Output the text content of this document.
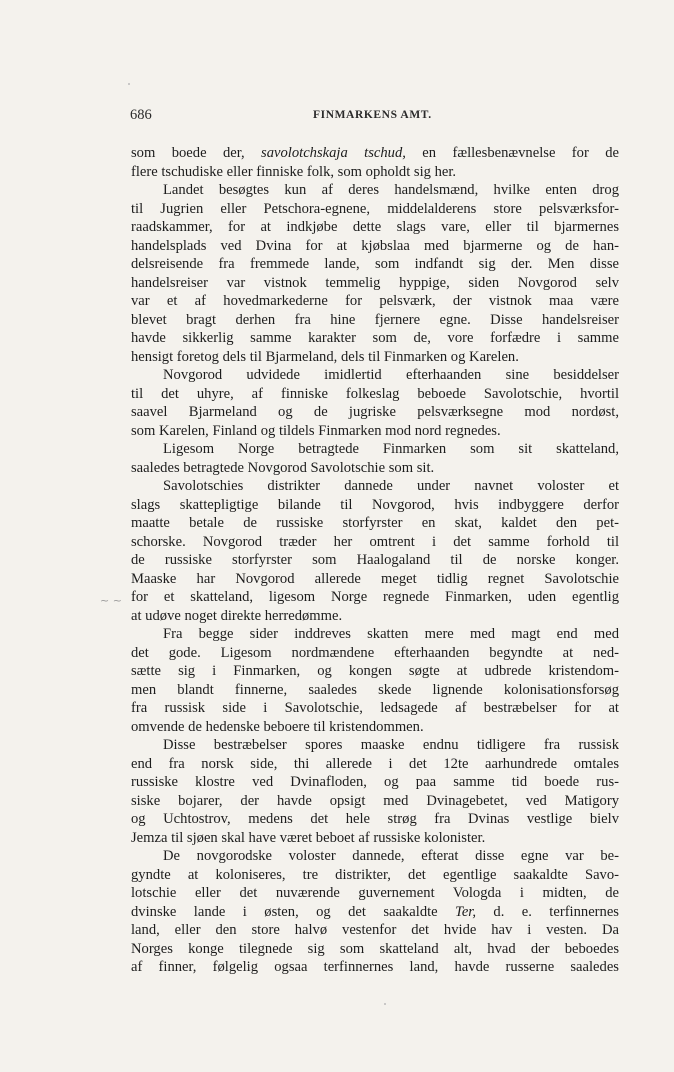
686	FINMARKENS AMT.
~ ~
som boede der, savolotchskaja tschud, en fællesbenævnelse for de
flere tschudiske eller finniske folk, som opholdt sig her.
Landet besøgtes kun af deres handelsmænd, hvilke enten drog
til Jugrien eller Petschora-egnene, middelalderens store pelsværksfor-
raadskammer, for at indkjøbe dette slags vare, eller til bjarmernes
handelsplads ved Dvina for at kjøbslaa med bjarmerne og de han-
delsreisende fra fremmede lande, som indfandt sig der. Men disse
handelsreiser var vistnok temmelig hyppige, siden Novgorod selv
var et af hovedmarkederne for pelsværk, der vistnok maa være
blevet bragt derhen fra hine fjernere egne. Disse handelsreiser
havde sikkerlig samme karakter som de, vore forfædre i samme
hensigt foretog dels til Bjarmeland, dels til Finmarken og Karelen.
Novgorod udvidede imidlertid efterhaanden sine besiddelser
til det uhyre, af finniske folkeslag beboede Savolotschie, hvortil
saavel Bjarmeland og de jugriske pelsværksegne mod nordøst,
som Karelen, Finland og tildels Finmarken mod nord regnedes.
Ligesom Norge betragtede Finmarken som sit skatteland,
saaledes betragtede Novgorod Savolotschie som sit.
Savolotschies distrikter dannede under navnet voloster et
slags skattepligtige bilande til Novgorod, hvis indbyggere derfor
maatte betale de russiske storfyrster en skat, kaldet den pet-
schorske. Novgorod træder her omtrent i det samme forhold til
de russiske storfyrster som Haalogaland til de norske konger.
Maaske har Novgorod allerede meget tidlig regnet Savolotschie
for et skatteland, ligesom Norge regnede Finmarken, uden egentlig
at udøve noget direkte herredømme.
Fra begge sider inddreves skatten mere med magt end med
det gode. Ligesom nordmændene efterhaanden begyndte at ned-
sætte sig i Finmarken, og kongen søgte at udbrede kristendom-
men blandt finnerne, saaledes skede lignende kolonisationsforsøg
fra russisk side i Savolotschie, ledsagede af bestræbelser for at
omvende de hedenske beboere til kristendommen.
Disse bestræbelser spores maaske endnu tidligere fra russisk
end fra norsk side, thi allerede i det 12te aarhundrede omtales
russiske klostre ved Dvinafloden, og paa samme tid boede rus-
siske bojarer, der havde opsigt med Dvinagebetet, ved Matigory
og Uchtostrov, medens det hele strøg fra Dvinas vestlige bielv
Jemza til sjøen skal have været beboet af russiske kolonister.
De novgorodske voloster dannede, efterat disse egne var be-
gyndte at koloniseres, tre distrikter, det egentlige saakaldte Savo-
lotschie eller det nuværende guvernement Vologda i midten, de
dvinske lande i østen, og det saakaldte Ter, d. e. terfinnernes
land, eller den store halvø vestenfor det hvide hav i vesten. Da
Norges konge tilegnede sig som skatteland alt, hvad der beboedes
af finner, følgelig ogsaa terfinnernes land, havde russerne saaledes
